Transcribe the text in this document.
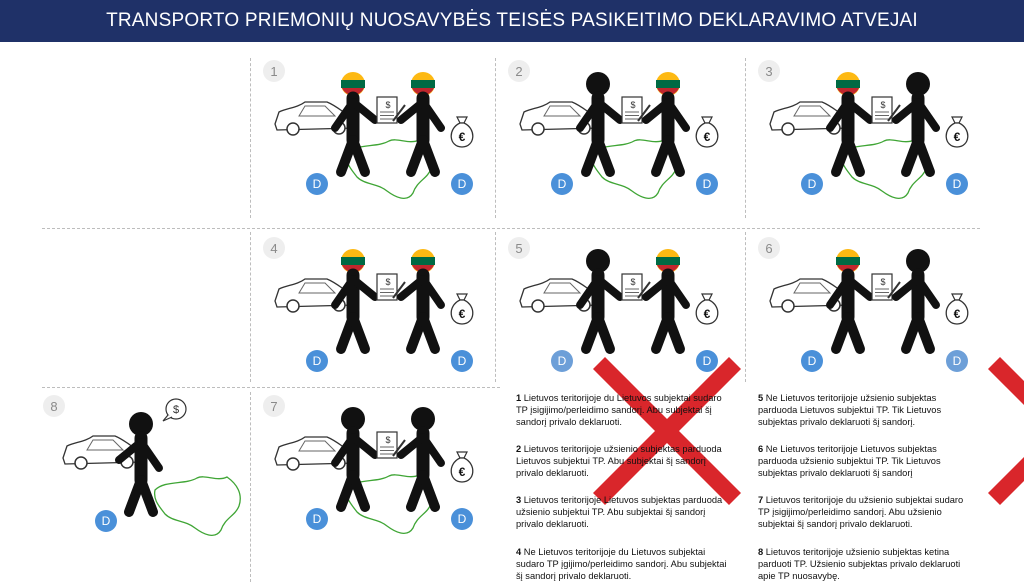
TRANSPORTO PRIEMONIŲ NUOSAVYBĖS TEISĖS PASIKEITIMO DEKLARAVIMO ATVEJAI
1
$
€
D	D
2
$
€
D	D
3
$
€
D	D
4
$
€
D	D
5
$
€
D	D
6
$
€
D	D
7
$
€
D	D
8	$
D
1 Lietuvos teritorijoje du Lietuvos subjektai sudaro TP įsigijimo/perleidimo sandorį. Abu subjektai šį sandorį privalo deklaruoti.
2 Lietuvos teritorijoje užsienio subjektas parduoda Lietuvos subjektui TP. Abu subjektai šį sandorį privalo deklaruoti.
3 Lietuvos teritorijoje Lietuvos subjektas parduoda užsienio subjektui TP. Abu subjektai šį sandorį privalo deklaruoti.
4 Ne Lietuvos teritorijoje du Lietuvos subjektai sudaro TP įgijimo/perleidimo sandorį. Abu subjektai šį sandorį privalo deklaruoti.
5 Ne Lietuvos teritorijoje užsienio subjektas parduoda Lietuvos subjektui TP. Tik Lietuvos subjektas privalo deklaruoti šį sandorį.
6 Ne Lietuvos teritorijoje Lietuvos subjektas parduoda užsienio subjektui TP. Tik Lietuvos subjektas privalo deklaruoti šį sandorį
7 Lietuvos teritorijoje du užsienio subjektai sudaro TP įsigijimo/perleidimo sandorį. Abu užsienio subjektai šį sandorį privalo deklaruoti.
8 Lietuvos teritorijoje užsienio subjektas ketina parduoti TP. Užsienio subjektas privalo deklaruoti apie TP nuosavybę.
